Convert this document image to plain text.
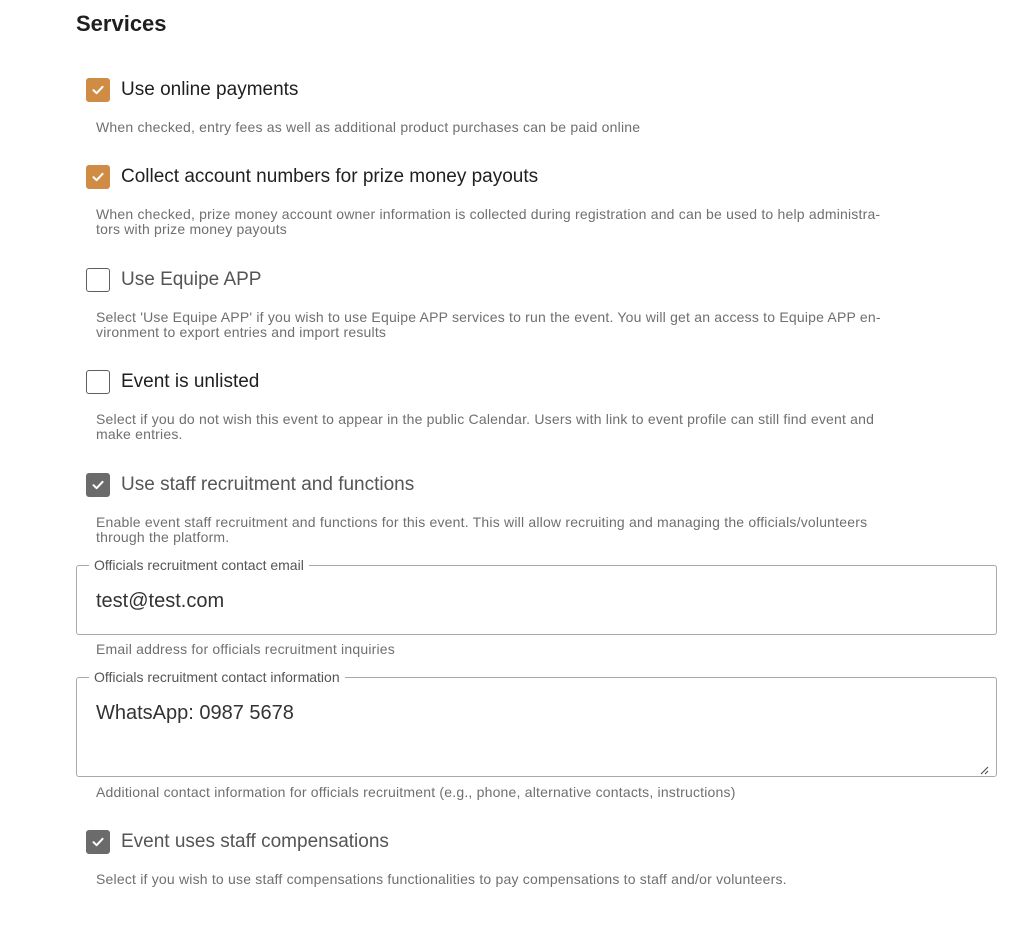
Services
Use online payments

When checked, entry fees as well as additional product purchases can be paid online

Collect account numbers for prize money payouts

When checked, prize money account owner information is collected during registration and can be used to help administra-

tors with prize money payouts

Use Equipe APP

Select 'Use Equipe APP' if you wish to use Equipe APP services to run the event. You will get an access to Equipe APP en-

vironment to export entries and import results

Event is unlisted

Select if you do not wish this event to appear in the public Calendar. Users with link to event profile can still find event and

make entries.

Use staff recruitment and functions

Enable event staff recruitment and functions for this event. This will allow recruiting and managing the officials/volunteers

through the platform.

Officials recruitment contact email
test@test.com

Email address for officials recruitment inquiries

Officials recruitment contact information
WhatsApp: 0987 5678

Additional contact information for officials recruitment (e.g., phone, alternative contacts, instructions)

Event uses staff compensations

Select if you wish to use staff compensations functionalities to pay compensations to staff and/or volunteers.
